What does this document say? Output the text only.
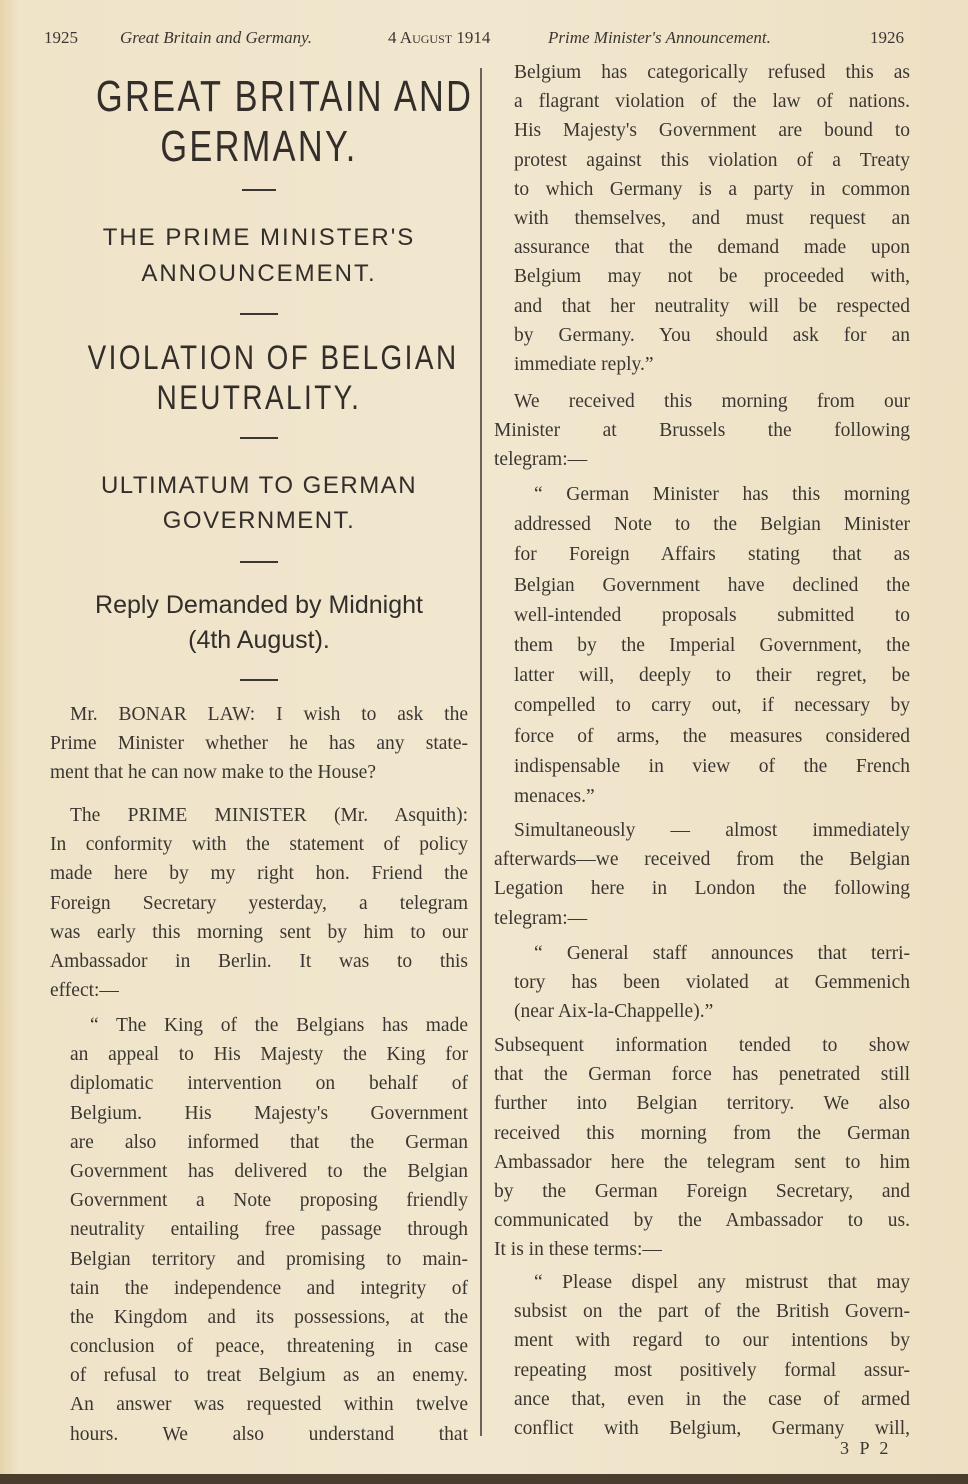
1925 Great Britain and Germany.	4 August 1914	Prime Minister's Announcement.	1926
GREAT BRITAIN AND
GERMANY.
THE PRIME MINISTER'S
ANNOUNCEMENT.
VIOLATION OF BELGIAN
NEUTRALITY.
ULTIMATUM TO GERMAN
GOVERNMENT.
Reply Demanded by Midnight
(4th August).
Mr. BONAR LAW: I wish to ask the
Prime Minister whether he has any state-
ment that he can now make to the House?
The PRIME MINISTER (Mr. Asquith):
In conformity with the statement of policy
made here by my right hon. Friend the
Foreign Secretary yesterday, a telegram
was early this morning sent by him to our
Ambassador in Berlin. It was to this
effect:—
“ The King of the Belgians has made
an appeal to His Majesty the King for
diplomatic intervention on behalf of
Belgium. His Majesty's Government
are also informed that the German
Government has delivered to the Belgian
Government a Note proposing friendly
neutrality entailing free passage through
Belgian territory and promising to main-
tain the independence and integrity of
the Kingdom and its possessions, at the
conclusion of peace, threatening in case
of refusal to treat Belgium as an enemy.
An answer was requested within twelve
hours. We also understand that
Belgium has categorically refused this as
a flagrant violation of the law of nations.
His Majesty's Government are bound to
protest against this violation of a Treaty
to which Germany is a party in common
with themselves, and must request an
assurance that the demand made upon
Belgium may not be proceeded with,
and that her neutrality will be respected
by Germany. You should ask for an
immediate reply.”
We received this morning from our
Minister at Brussels the following
telegram:—
“ German Minister has this morning
addressed Note to the Belgian Minister
for Foreign Affairs stating that as
Belgian Government have declined the
well-intended proposals submitted to
them by the Imperial Government, the
latter will, deeply to their regret, be
compelled to carry out, if necessary by
force of arms, the measures considered
indispensable in view of the French
menaces.”
Simultaneously — almost immediately
afterwards—we received from the Belgian
Legation here in London the following
telegram:—
“ General staff announces that terri-
tory has been violated at Gemmenich
(near Aix-la-Chappelle).”
Subsequent information tended to show
that the German force has penetrated still
further into Belgian territory. We also
received this morning from the German
Ambassador here the telegram sent to him
by the German Foreign Secretary, and
communicated by the Ambassador to us.
It is in these terms:—
“ Please dispel any mistrust that may
subsist on the part of the British Govern-
ment with regard to our intentions by
repeating most positively formal assur-
ance that, even in the case of armed
conflict with Belgium, Germany will,
3 P 2
